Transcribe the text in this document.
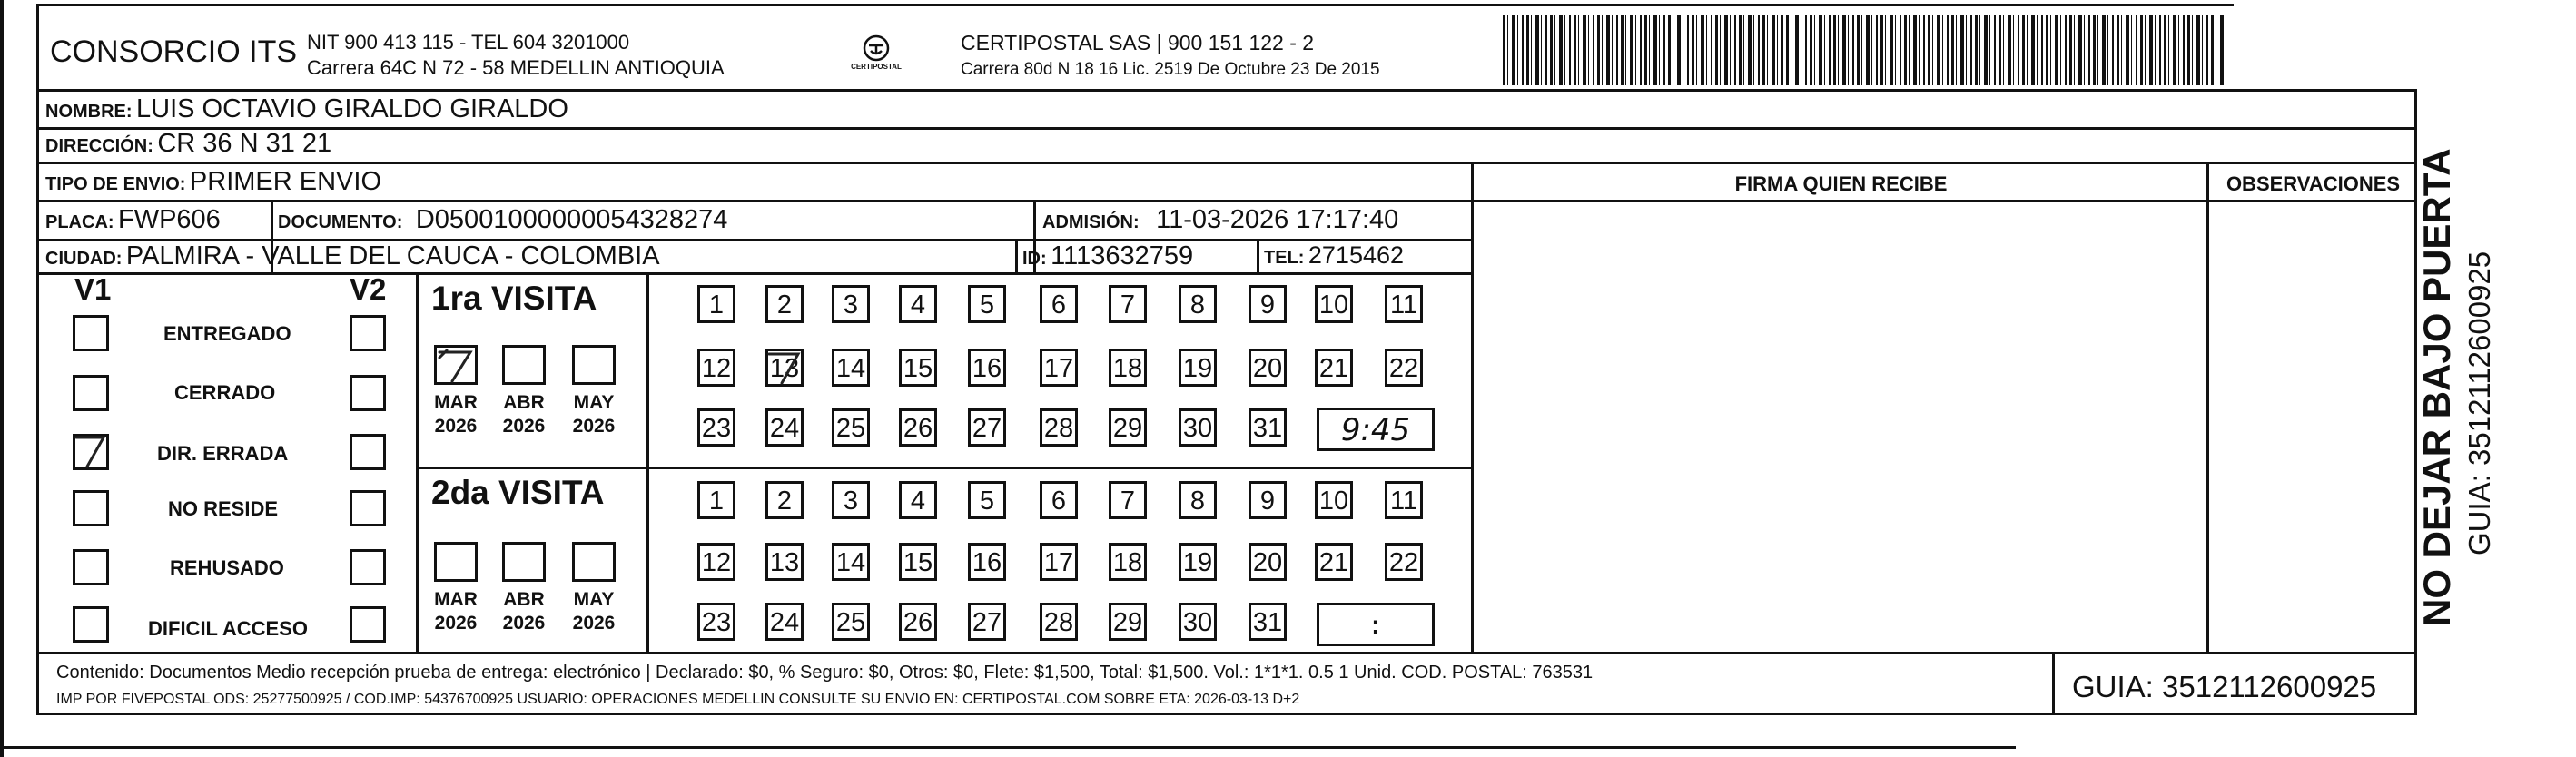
CONSORCIO ITS NIT 900 413 115 - TEL 604 3201000
Carrera 64C N 72 - 58 MEDELLIN ANTIOQUIA	CERTIPOSTAL
CERTIPOSTAL SAS | 900 151 122 - 2
Carrera 80d N 18 16 Lic. 2519 De Octubre 23 De 2015
NOMBRE: LUIS OCTAVIO GIRALDO GIRALDO
DIRECCIÓN: CR 36 N 31 21
TIPO DE ENVIO: PRIMER ENVIO	FIRMA QUIEN RECIBE	OBSERVACIONES
PLACA: FWP606	DOCUMENTO: D05001000000054328274	ADMISIÓN: 11-03-2026 17:17:40
CIUDAD: PALMIRA - VALLE DEL CAUCA - COLOMBIA	ID: 1113632759	TEL: 2715462
V1	V2
ENTREGADO
CERRADO
DIR. ERRADA
NO RESIDE
REHUSADO
DIFICIL ACCESO
1ra VISITA
MAR	ABR	MAY
2026	2026	2026
1	2	3	4	5	6	7	8	9	10 11
12 13 14 15 16 17 18 19 20 21 22
23 24 25 26 27 28 29 30 31	9:45
2da VISITA
MAR	ABR	MAY
2026	2026	2026
1	2	3	4	5	6	7	8	9	10 11
12 13 14 15 16 17 18 19 20 21 22
23 24 25 26 27 28 29 30 31	:
Contenido: Documentos Medio recepción prueba de entrega: electrónico | Declarado: $0, % Seguro: $0, Otros: $0, Flete: $1,500, Total: $1,500. Vol.: 1*1*1. 0.5 1 Unid. COD. POSTAL: 763531
IMP POR FIVEPOSTAL ODS: 25277500925 / COD.IMP: 54376700925 USUARIO: OPERACIONES MEDELLIN CONSULTE SU ENVIO EN: CERTIPOSTAL.COM SOBRE ETA: 2026-03-13 D+2	GUIA: 3512112600925
NO DEJAR BAJO PUERTA GUIA: 3512112600925
